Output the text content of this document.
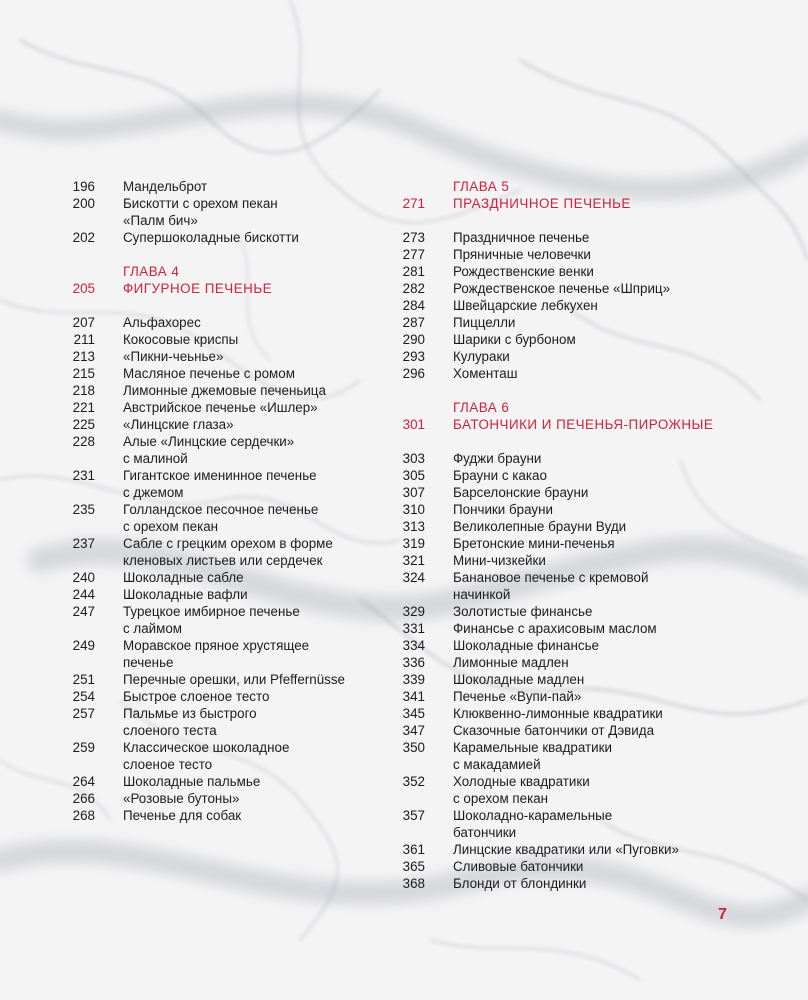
196 Мандельброт
200 Бискотти с орехом пекан
«Палм бич»
202 Супершоколадные бискотти
ГЛАВА 4
205 ФИГУРНОЕ ПЕЧЕНЬЕ
207 Альфахорес
211 Кокосовые криспы
213 «Пикни-чеьнье»
215 Масляное печенье с ромом
218 Лимонные джемовые печеньица
221 Австрийское печенье «Ишлер»
225 «Линцские глаза»
228 Алые «Линцские сердечки»
с малиной
231 Гигантское именинное печенье
с джемом
235 Голландское песочное печенье
с орехом пекан
237 Сабле с грецким орехом в форме
кленовых листьев или сердечек
240 Шоколадные сабле
244 Шоколадные вафли
247 Турецкое имбирное печенье
с лаймом
249 Моравское пряное хрустящее
печенье
251 Перечные орешки, или Pfeffernüsse
254 Быстрое слоеное тесто
257 Пальмье из быстрого
слоеного теста
259 Классическое шоколадное
слоеное тесто
264 Шоколадные пальмье
266 «Розовые бутоны»
268 Печенье для собак
ГЛАВА 5
271 ПРАЗДНИЧНОЕ ПЕЧЕНЬЕ
273 Праздничное печенье
277 Пряничные человечки
281 Рождественские венки
282 Рождественское печенье «Шприц»
284 Швейцарские лебкухен
287 Пиццелли
290 Шарики с бурбоном
293 Кулураки
296 Хоменташ
ГЛАВА 6
301 БАТОНЧИКИ И ПЕЧЕНЬЯ-ПИРОЖНЫЕ
303 Фуджи брауни
305 Брауни с какао
307 Барселонские брауни
310 Пончики брауни
313 Великолепные брауни Вуди
319 Бретонские мини-печенья
321 Мини-чизкейки
324 Банановое печенье с кремовой
начинкой
329 Золотистые финансье
331 Финансье с арахисовым маслом
334 Шоколадные финансье
336 Лимонные мадлен
339 Шоколадные мадлен
341 Печенье «Вупи-пай»
345 Клюквенно-лимонные квадратики
347 Сказочные батончики от Дэвида
350 Карамельные квадратики
с макадамией
352 Холодные квадратики
с орехом пекан
357 Шоколадно-карамельные
батончики
361 Линцские квадратики или «Пуговки»
365 Сливовые батончики
368 Блонди от блондинки
7
